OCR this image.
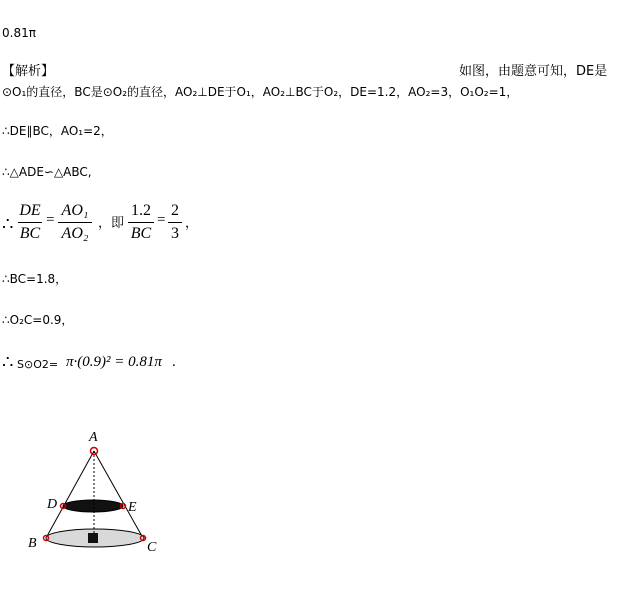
0.81π
【解析】	如图，由题意可知，DE是
⊙O₁的直径，BC是⊙O₂的直径，AO₂⊥DE于O₁，AO₂⊥BC于O₂，DE=1.2，AO₂=3，O₁O₂=1，
∴DE∥BC，AO₁=2，
∴△ADE∽△ABC,
∴
DE
BC
=
AO₁
AO₂
，即
1.2
BC
=
2
3
，
∴BC=1.8，
∴O₂C=0.9，
∴ S⊙O2= π·(0.9)² = 0.81π .
A
D	E
B	C
